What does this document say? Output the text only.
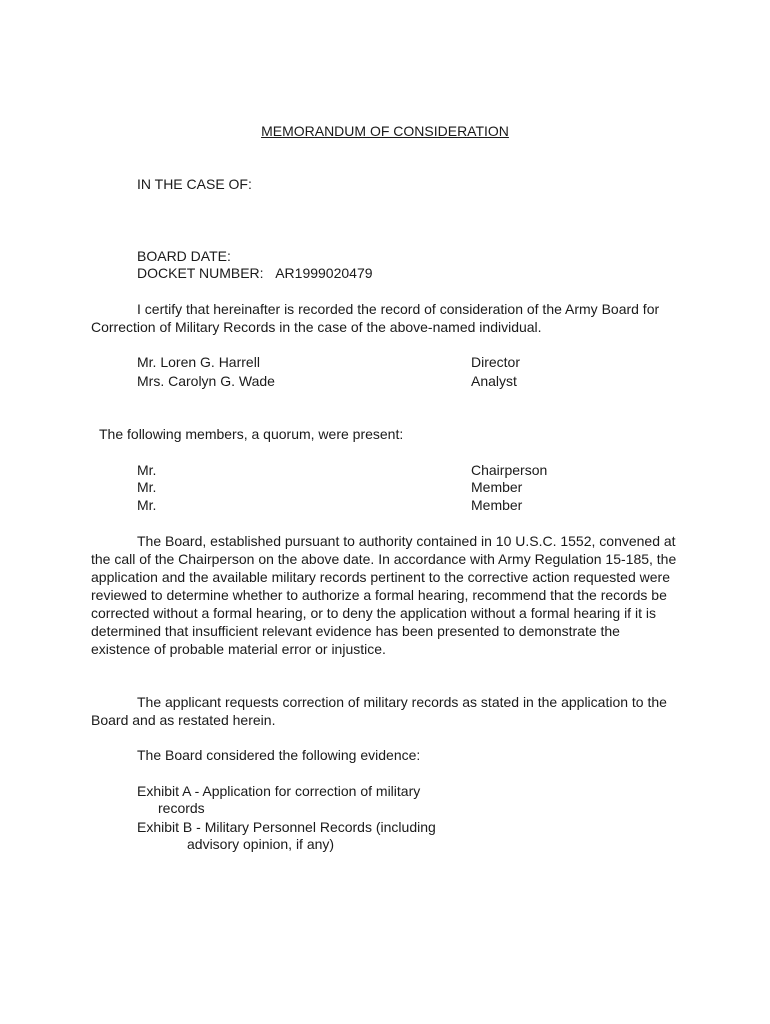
MEMORANDUM OF CONSIDERATION
IN THE CASE OF:
BOARD DATE:
DOCKET NUMBER: AR1999020479
I certify that hereinafter is recorded the record of consideration of the Army Board for Correction of Military Records in the case of the above-named individual.
Mr. Loren G. Harrell	Director
Mrs. Carolyn G. Wade	Analyst
The following members, a quorum, were present:
Mr.	Chairperson
Mr.	Member
Mr.	Member
The Board, established pursuant to authority contained in 10 U.S.C. 1552, convened at the call of the Chairperson on the above date. In accordance with Army Regulation 15-185, the application and the available military records pertinent to the corrective action requested were reviewed to determine whether to authorize a formal hearing, recommend that the records be corrected without a formal hearing, or to deny the application without a formal hearing if it is determined that insufficient relevant evidence has been presented to demonstrate the existence of probable material error or injustice.
The applicant requests correction of military records as stated in the application to the Board and as restated herein.
The Board considered the following evidence:
Exhibit A - Application for correction of military
records
Exhibit B - Military Personnel Records (including
advisory opinion, if any)
